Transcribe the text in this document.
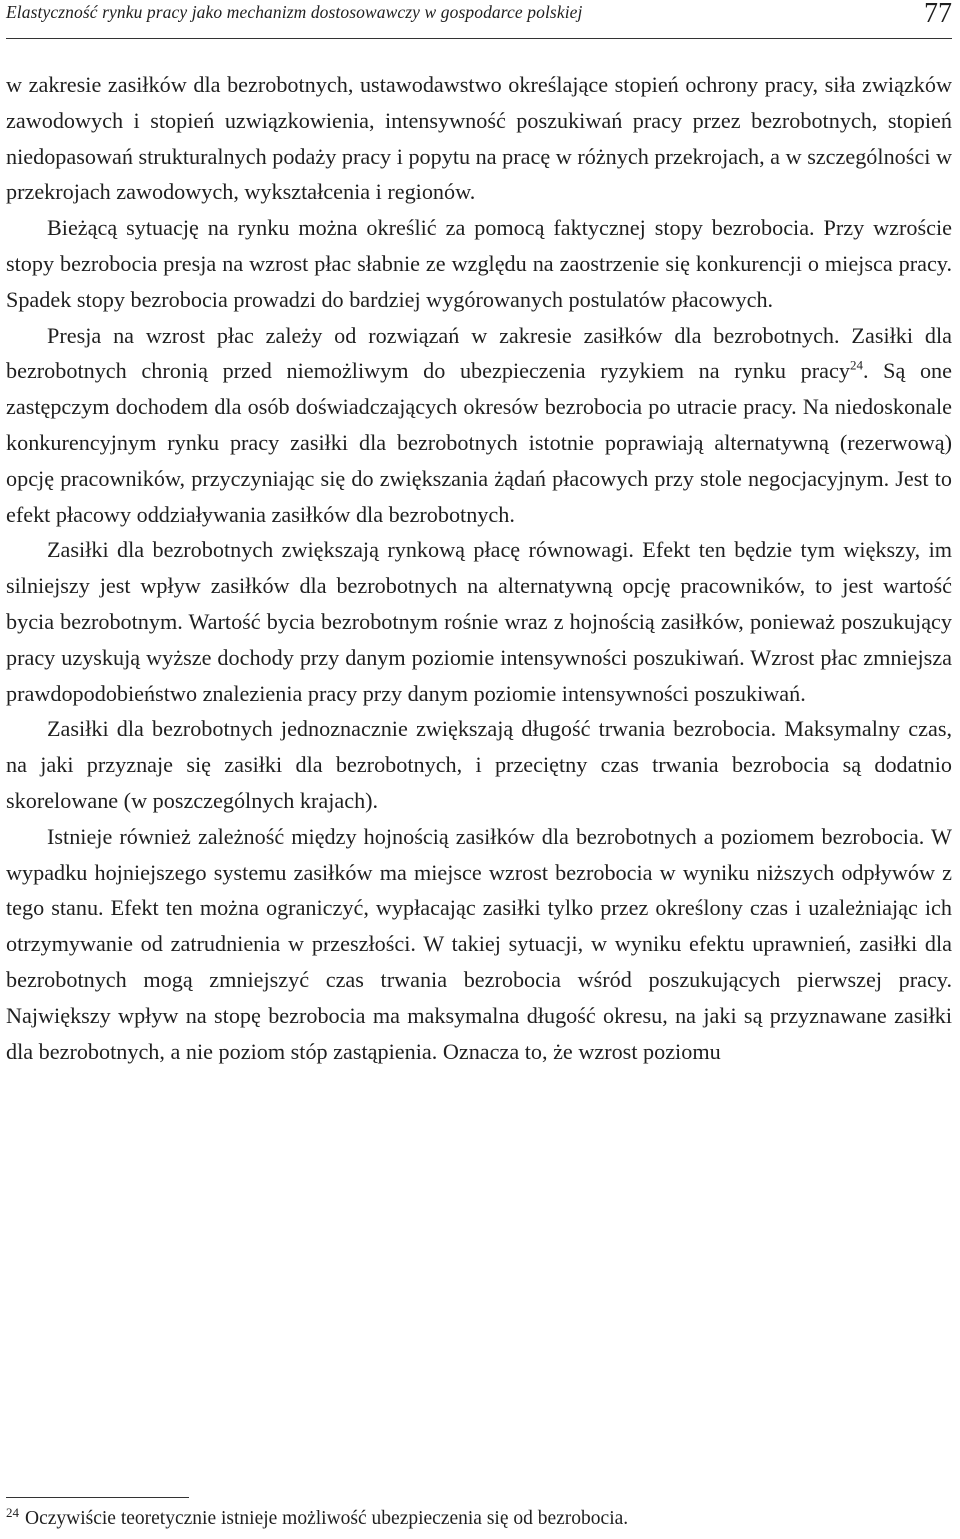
Elastyczność rynku pracy jako mechanizm dostosowawczy w gospodarce polskiej	77

w zakresie zasiłków dla bezrobotnych, ustawodawstwo określające stopień ochrony pracy, siła związków zawodowych i stopień uzwiązkowienia, intensywność poszukiwań pracy przez bezrobotnych, stopień niedopasowań strukturalnych podaży pracy i popytu na pracę w różnych przekrojach, a w szczególności w przekrojach zawodowych, wykształcenia i regionów.

Bieżącą sytuację na rynku można określić za pomocą faktycznej stopy bezrobocia. Przy wzroście stopy bezrobocia presja na wzrost płac słabnie ze względu na zaostrzenie się konkurencji o miejsca pracy. Spadek stopy bezrobocia prowadzi do bardziej wygórowanych postulatów płacowych.

Presja na wzrost płac zależy od rozwiązań w zakresie zasiłków dla bezrobotnych. Zasiłki dla bezrobotnych chronią przed niemożliwym do ubezpieczenia ryzykiem na rynku pracy$^{24}$. Są one zastępczym dochodem dla osób doświadczających okresów bezrobocia po utracie pracy. Na niedoskonale konkurencyjnym rynku pracy zasiłki dla bezrobotnych istotnie poprawiają alternatywną (rezerwową) opcję pracowników, przyczyniając się do zwiększania żądań płacowych przy stole negocjacyjnym. Jest to efekt płacowy oddziaływania zasiłków dla bezrobotnych.

Zasiłki dla bezrobotnych zwiększają rynkową płacę równowagi. Efekt ten będzie tym większy, im silniejszy jest wpływ zasiłków dla bezrobotnych na alternatywną opcję pracowników, to jest wartość bycia bezrobotnym. Wartość bycia bezrobotnym rośnie wraz z hojnością zasiłków, ponieważ poszukujący pracy uzyskują wyższe dochody przy danym poziomie intensywności poszukiwań. Wzrost płac zmniejsza prawdopodobieństwo znalezienia pracy przy danym poziomie intensywności poszukiwań.

Zasiłki dla bezrobotnych jednoznacznie zwiększają długość trwania bezrobocia. Maksymalny czas, na jaki przyznaje się zasiłki dla bezrobotnych, i przeciętny czas trwania bezrobocia są dodatnio skorelowane (w poszczególnych krajach).

Istnieje również zależność między hojnością zasiłków dla bezrobotnych a poziomem bezrobocia. W wypadku hojniejszego systemu zasiłków ma miejsce wzrost bezrobocia w wyniku niższych odpływów z tego stanu. Efekt ten można ograniczyć, wypłacając zasiłki tylko przez określony czas i uzależniając ich otrzymywanie od zatrudnienia w przeszłości. W takiej sytuacji, w wyniku efektu uprawnień, zasiłki dla bezrobotnych mogą zmniejszyć czas trwania bezrobocia wśród poszukujących pierwszej pracy. Największy wpływ na stopę bezrobocia ma maksymalna długość okresu, na jaki są przyznawane zasiłki dla bezrobotnych, a nie poziom stóp zastąpienia. Oznacza to, że wzrost poziomu

$^{24}$ Oczywiście teoretycznie istnieje możliwość ubezpieczenia się od bezrobocia.
